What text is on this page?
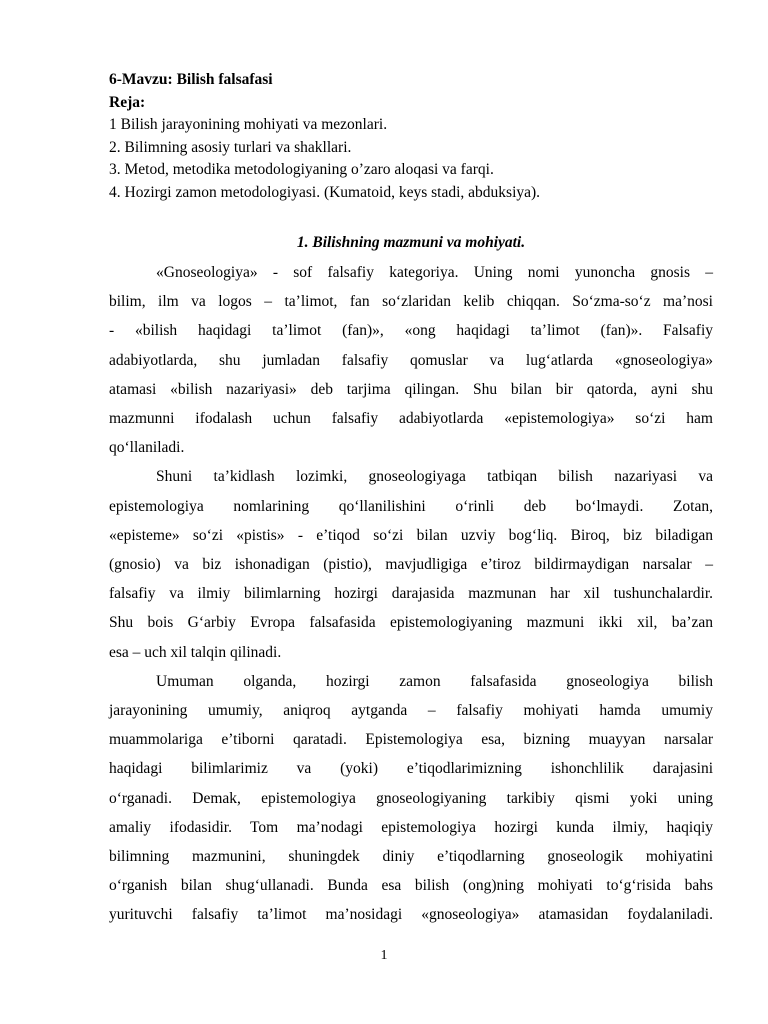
6-Mavzu: Bilish falsafasi
Reja:
1 Bilish jarayonining mohiyati va mezonlari.
2. Bilimning asosiy turlari va shakllari.
3. Metod, metodika metodologiyaning o’zaro aloqasi va farqi.
4. Hozirgi zamon metodologiyasi. (Kumatoid, keys stadi, abduksiya).
1. Bilishning mazmuni va mohiyati.

«Gnoseologiya» - sof falsafiy kategoriya. Uning nomi yunoncha gnosis –
bilim, ilm va logos – ta’limot, fan so‘zlaridan kelib chiqqan. So‘zma-so‘z ma’nosi
- «bilish haqidagi ta’limot (fan)», «ong haqidagi ta’limot (fan)». Falsafiy
adabiyotlarda, shu jumladan falsafiy qomuslar va lug‘atlarda «gnoseologiya»
atamasi «bilish nazariyasi» deb tarjima qilingan. Shu bilan bir qatorda, ayni shu
mazmunni ifodalash uchun falsafiy adabiyotlarda «epistemologiya» so‘zi ham
qo‘llaniladi.

Shuni ta’kidlash lozimki, gnoseologiyaga tatbiqan bilish nazariyasi va
epistemologiya nomlarining qo‘llanilishini o‘rinli deb bo‘lmaydi. Zotan,
«episteme» so‘zi «pistis» - e’tiqod so‘zi bilan uzviy bog‘liq. Biroq, biz biladigan
(gnosio) va biz ishonadigan (pistio), mavjudligiga e’tiroz bildirmaydigan narsalar –
falsafiy va ilmiy bilimlarning hozirgi darajasida mazmunan har xil tushunchalardir.
Shu bois G‘arbiy Evropa falsafasida epistemologiyaning mazmuni ikki xil, ba’zan
esa – uch xil talqin qilinadi.

Umuman olganda, hozirgi zamon falsafasida gnoseologiya bilish
jarayonining umumiy, aniqroq aytganda – falsafiy mohiyati hamda umumiy
muammolariga e’tiborni qaratadi. Epistemologiya esa, bizning muayyan narsalar
haqidagi bilimlarimiz va (yoki) e’tiqodlarimizning ishonchlilik darajasini
o‘rganadi. Demak, epistemologiya gnoseologiyaning tarkibiy qismi yoki uning
amaliy ifodasidir. Tom ma’nodagi epistemologiya hozirgi kunda ilmiy, haqiqiy
bilimning mazmunini, shuningdek diniy e’tiqodlarning gnoseologik mohiyatini
o‘rganish bilan shug‘ullanadi. Bunda esa bilish (ong)ning mohiyati to‘g‘risida bahs
yurituvchi falsafiy ta’limot ma’nosidagi «gnoseologiya» atamasidan foydalaniladi.

1
